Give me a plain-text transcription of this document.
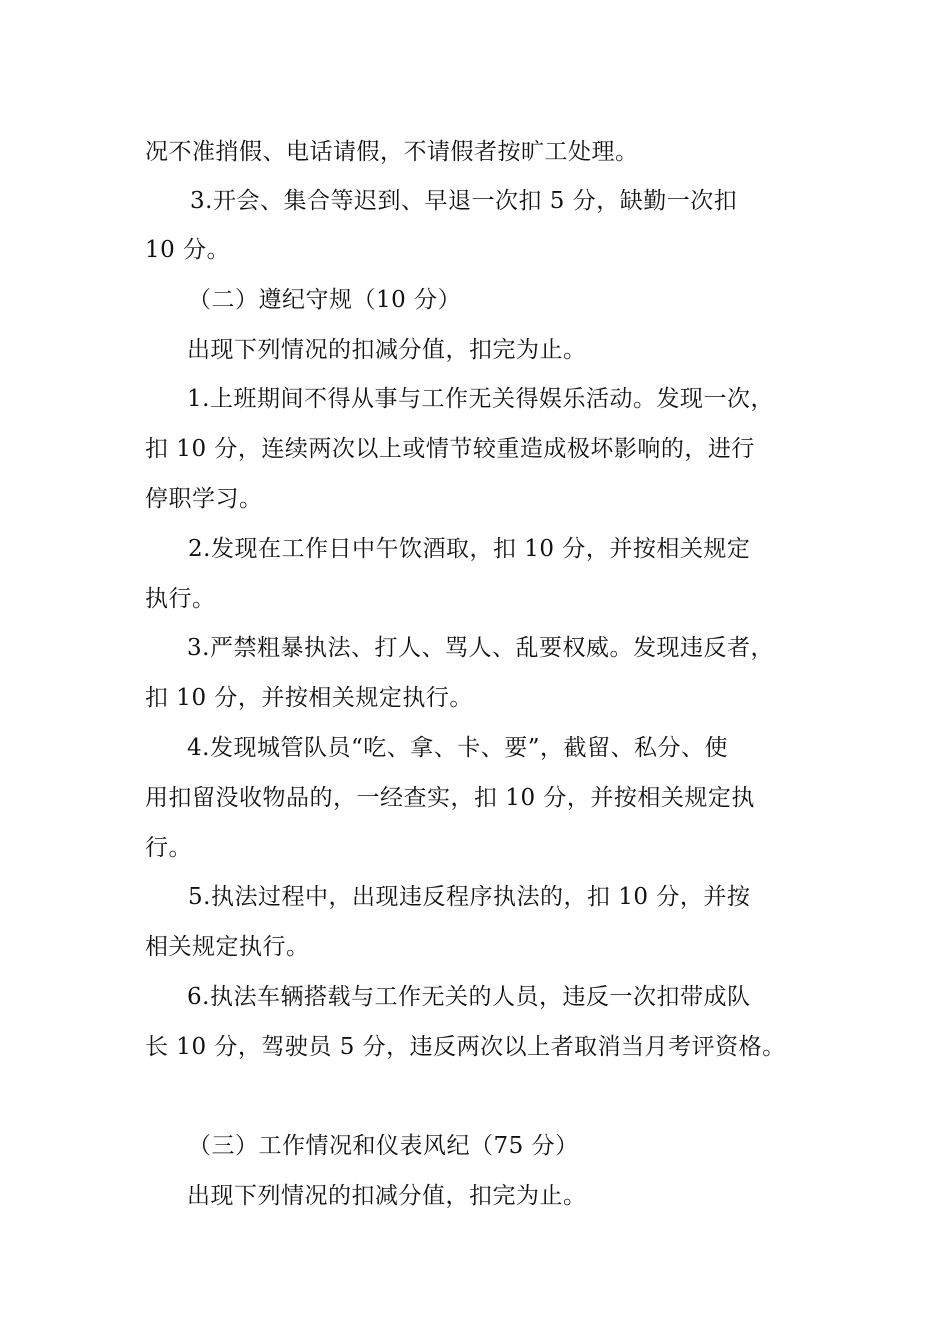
况不准捎假、电话请假，不请假者按旷工处理。
3.开会、集合等迟到、早退一次扣 5 分，缺勤一次扣
10 分。
（二）遵纪守规（10 分）
出现下列情况的扣减分值，扣完为止。
1.上班期间不得从事与工作无关得娱乐活动。发现一次，
扣 10 分，连续两次以上或情节较重造成极坏影响的，进行
停职学习。
2.发现在工作日中午饮酒取，扣 10 分，并按相关规定
执行。
3.严禁粗暴执法、打人、骂人、乱要权威。发现违反者，
扣 10 分，并按相关规定执行。
4.发现城管队员“吃、拿、卡、要”，截留、私分、使
用扣留没收物品的，一经查实，扣 10 分，并按相关规定执
行。
5.执法过程中，出现违反程序执法的，扣 10 分，并按
相关规定执行。
6.执法车辆搭载与工作无关的人员，违反一次扣带成队
长 10 分，驾驶员 5 分，违反两次以上者取消当月考评资格。
（三）工作情况和仪表风纪（75 分）
出现下列情况的扣减分值，扣完为止。
